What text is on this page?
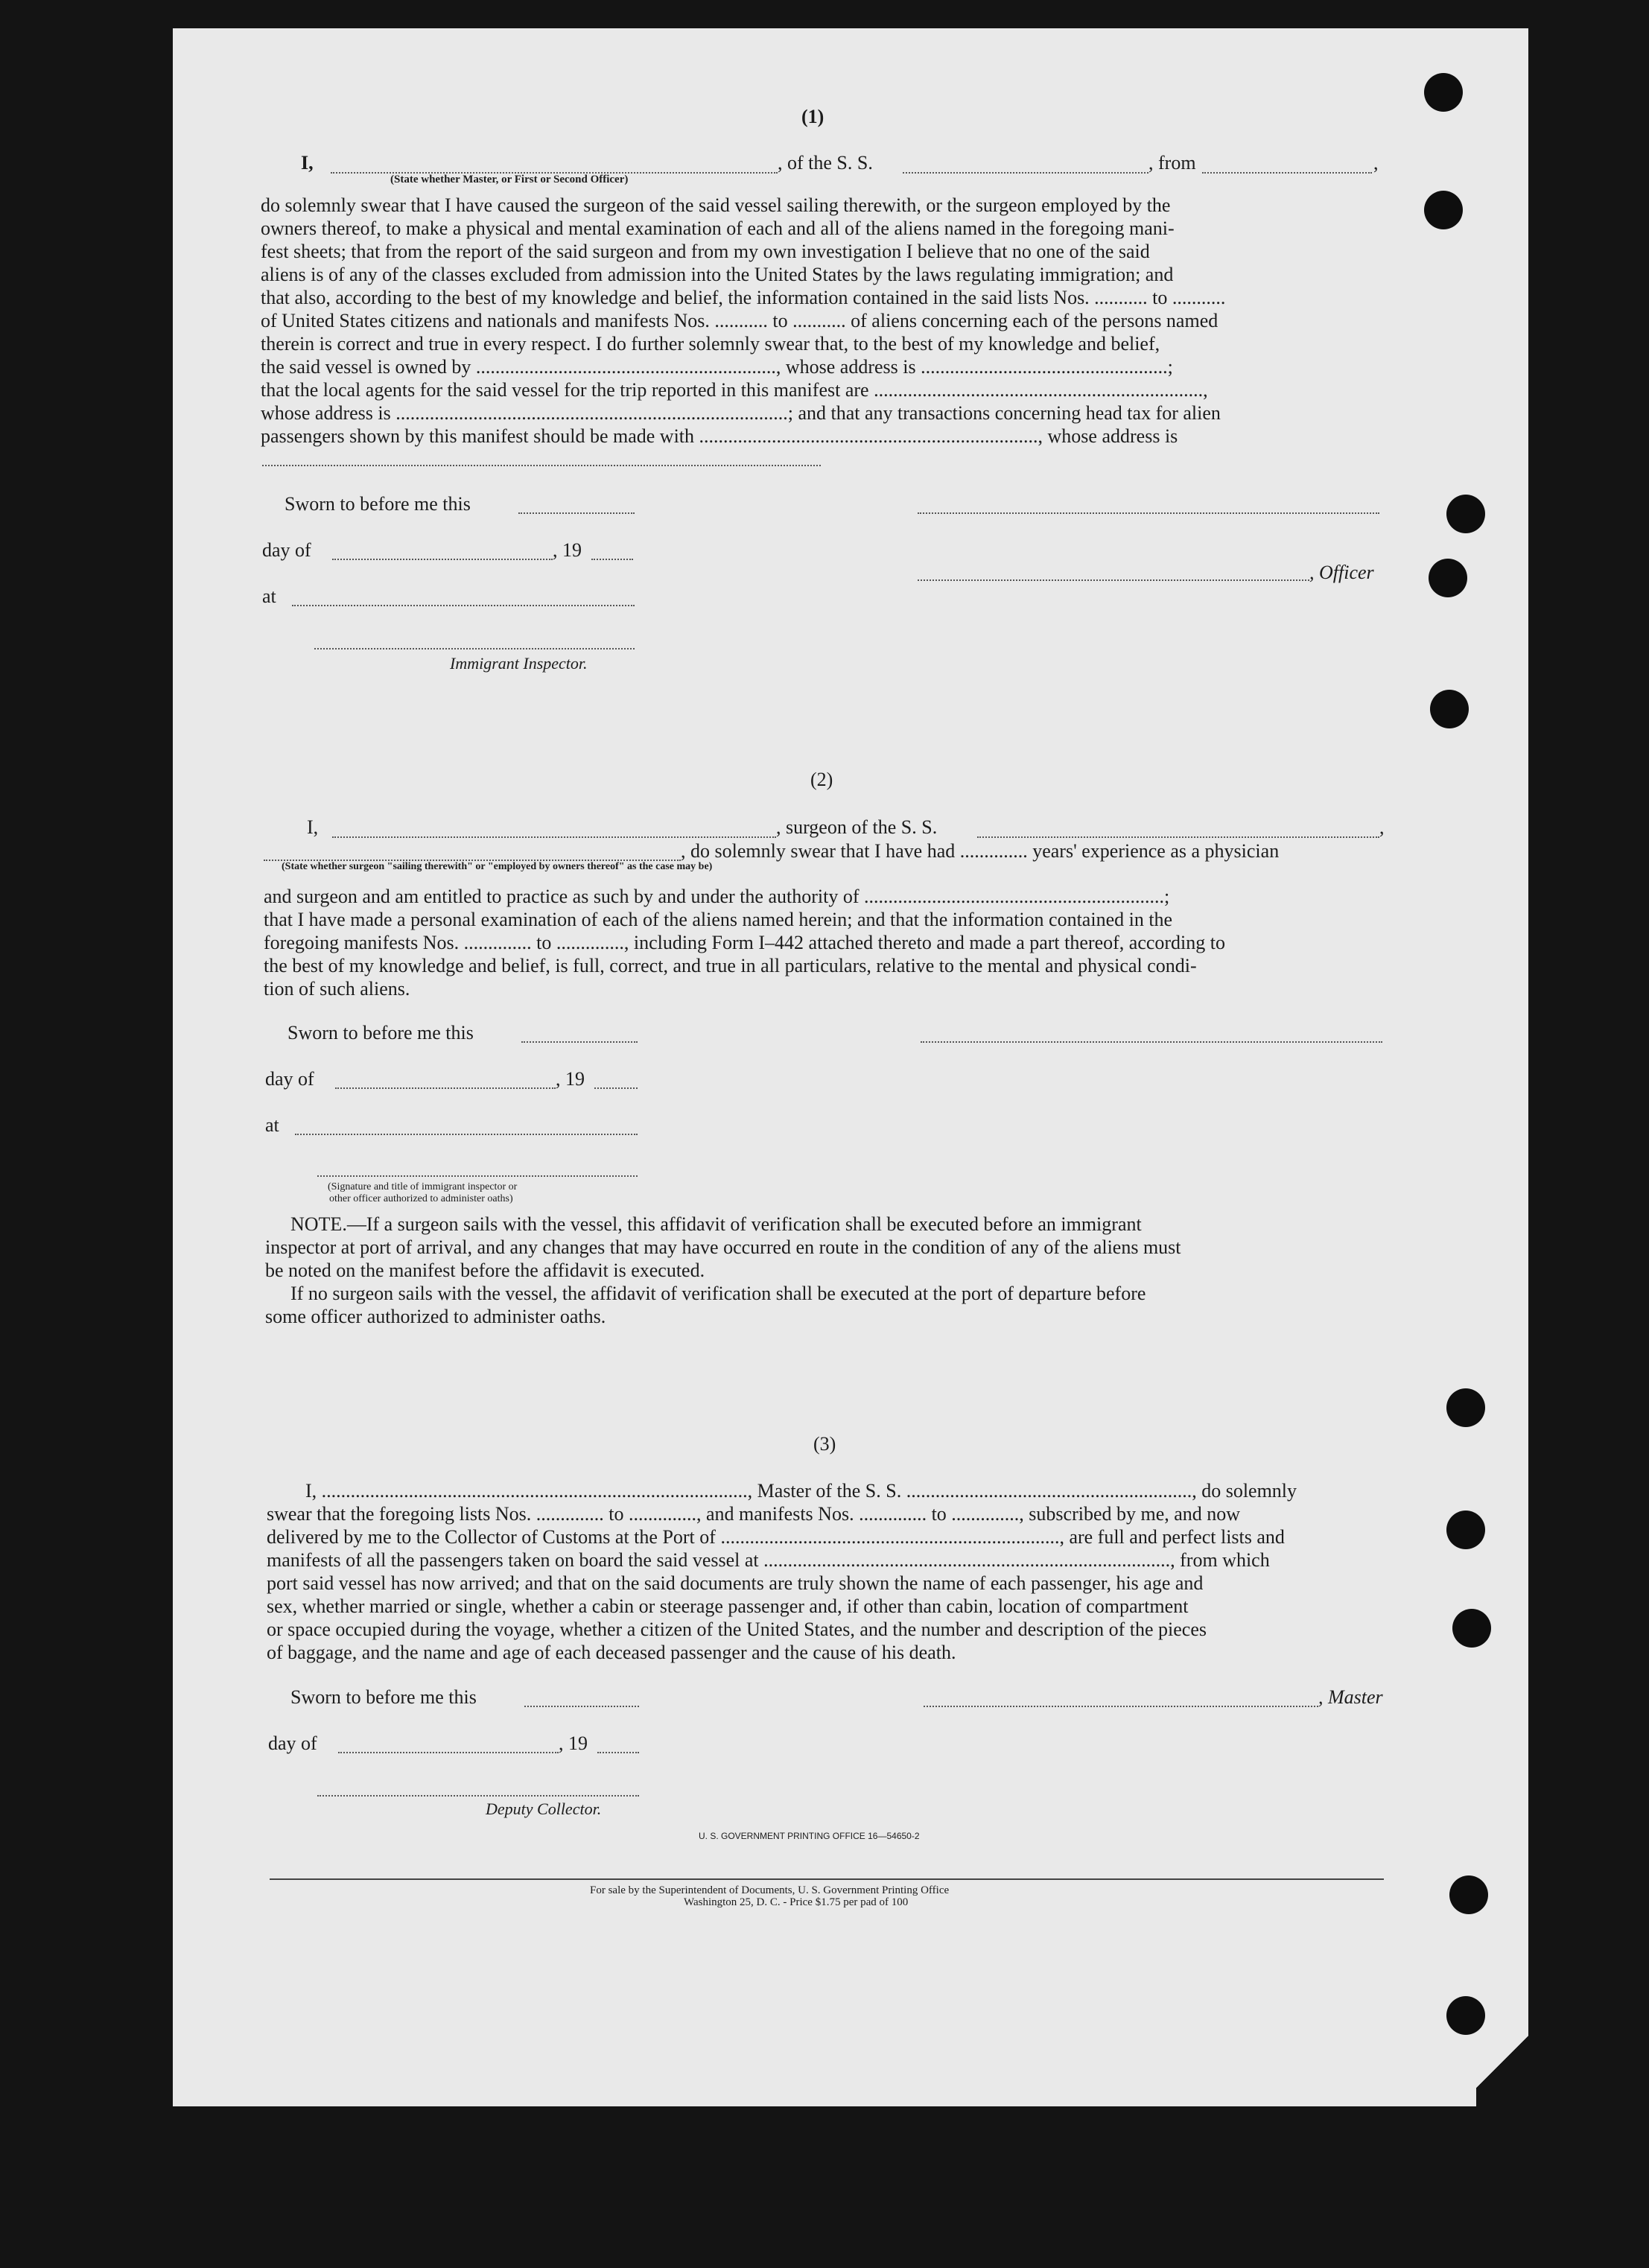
(1)
I,	, of the S. S.	, from	,
(State whether Master, or First or Second Officer)

do solemnly swear that I have caused the surgeon of the said vessel sailing therewith, or the surgeon employed by the

owners thereof, to make a physical and mental examination of each and all of the aliens named in the foregoing mani-

fest sheets; that from the report of the said surgeon and from my own investigation I believe that no one of the said

aliens is of any of the classes excluded from admission into the United States by the laws regulating immigration; and

that also, according to the best of my knowledge and belief, the information contained in the said lists Nos. ........... to ...........

of United States citizens and nationals and manifests Nos. ........... to ........... of aliens concerning each of the persons named

therein is correct and true in every respect. I do further solemnly swear that, to the best of my knowledge and belief,

the said vessel is owned by .............................................................., whose address is ...................................................;

that the local agents for the said vessel for the trip reported in this manifest are ....................................................................,

whose address is .................................................................................; and that any transactions concerning head tax for alien

passengers shown by this manifest should be made with ......................................................................, whose address is

Sworn to before me this
day of	, 19
, Officer
at
Immigrant Inspector.
(2)
I,	, surgeon of the S. S.	,
, do solemnly swear that I have had .............. years' experience as a physician
(State whether surgeon "sailing therewith" or "employed by owners thereof" as the case may be)

and surgeon and am entitled to practice as such by and under the authority of ..............................................................;

that I have made a personal examination of each of the aliens named herein; and that the information contained in the

foregoing manifests Nos. .............. to .............., including Form I–442 attached thereto and made a part thereof, according to

the best of my knowledge and belief, is full, correct, and true in all particulars, relative to the mental and physical condi-

tion of such aliens.

Sworn to before me this
day of	, 19
at
(Signature and title of immigrant inspector or
other officer authorized to administer oaths)

NOTE.—If a surgeon sails with the vessel, this affidavit of verification shall be executed before an immigrant

inspector at port of arrival, and any changes that may have occurred en route in the condition of any of the aliens must

be noted on the manifest before the affidavit is executed.

If no surgeon sails with the vessel, the affidavit of verification shall be executed at the port of departure before

some officer authorized to administer oaths.

(3)

I, ........................................................................................, Master of the S. S. ..........................................................., do solemnly

swear that the foregoing lists Nos. .............. to .............., and manifests Nos. .............. to .............., subscribed by me, and now

delivered by me to the Collector of Customs at the Port of ......................................................................, are full and perfect lists and

manifests of all the passengers taken on board the said vessel at ...................................................................................., from which

port said vessel has now arrived; and that on the said documents are truly shown the name of each passenger, his age and

sex, whether married or single, whether a cabin or steerage passenger and, if other than cabin, location of compartment

or space occupied during the voyage, whether a citizen of the United States, and the number and description of the pieces

of baggage, and the name and age of each deceased passenger and the cause of his death.

Sworn to before me this	, Master
day of	, 19
Deputy Collector.
U. S. GOVERNMENT PRINTING OFFICE 16—54650-2
For sale by the Superintendent of Documents, U. S. Government Printing Office
Washington 25, D. C. - Price $1.75 per pad of 100
